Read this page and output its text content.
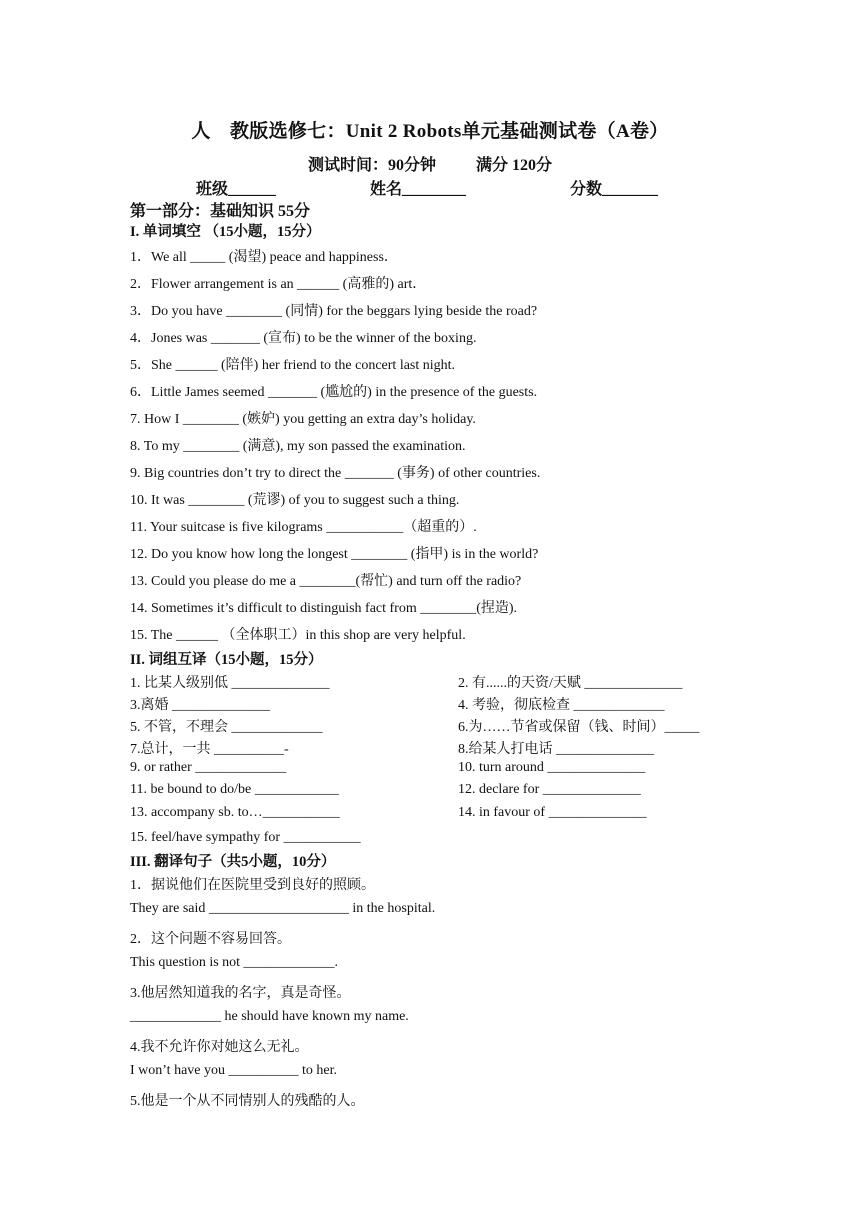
人　教版选修七：Unit 2 Robots单元基础测试卷（A卷）
测试时间：90分钟	满分 120分
班级______	姓名________	分数_______
第一部分：基础知识 55分
I. 单词填空 （15小题，15分）
1．We all _____ (渴望) peace and happiness．
2．Flower arrangement is an ______ (高雅的) art．
3．Do you have ________ (同情) for the beggars lying beside the road?
4．Jones was _______ (宣布) to be the winner of the boxing.
5．She ______ (陪伴) her friend to the concert last night.
6．Little James seemed _______ (尴尬的) in the presence of the guests.
7. How I ________ (嫉妒) you getting an extra day’s holiday.
8. To my ________ (满意), my son passed the examination.
9. Big countries don’t try to direct the _______ (事务) of other countries.
10. It was ________ (荒谬) of you to suggest such a thing.
11. Your suitcase is five kilograms ___________（超重的）.
12. Do you know how long the longest ________ (指甲) is in the world?
13. Could you please do me a ________(帮忙) and turn off the radio?
14. Sometimes it’s difficult to distinguish fact from ________(捏造).
15. The ______ （全体职工）in this shop are very helpful.
II. 词组互译（15小题，15分）
1. 比某人级别低 ______________	2. 有......的天资/天赋 ______________
3.离婚 ______________	4. 考验，彻底检查 _____________
5. 不管，不理会 _____________	6.为……节省或保留（钱、时间）_____
7.总计，一共 __________-	8.给某人打电话 ______________
9. or rather _____________	10. turn around ______________
11. be bound to do/be ____________	12. declare for ______________
13. accompany sb. to…___________	14. in favour of ______________
15. feel/have sympathy for ___________
III. 翻译句子（共5小题，10分）
1．据说他们在医院里受到良好的照顾。
They are said ____________________ in the hospital.
2．这个问题不容易回答。
This question is not _____________.
3.他居然知道我的名字，真是奇怪。
_____________ he should have known my name.
4.我不允许你对她这么无礼。
I won’t have you __________ to her.
5.他是一个从不同情别人的残酷的人。
